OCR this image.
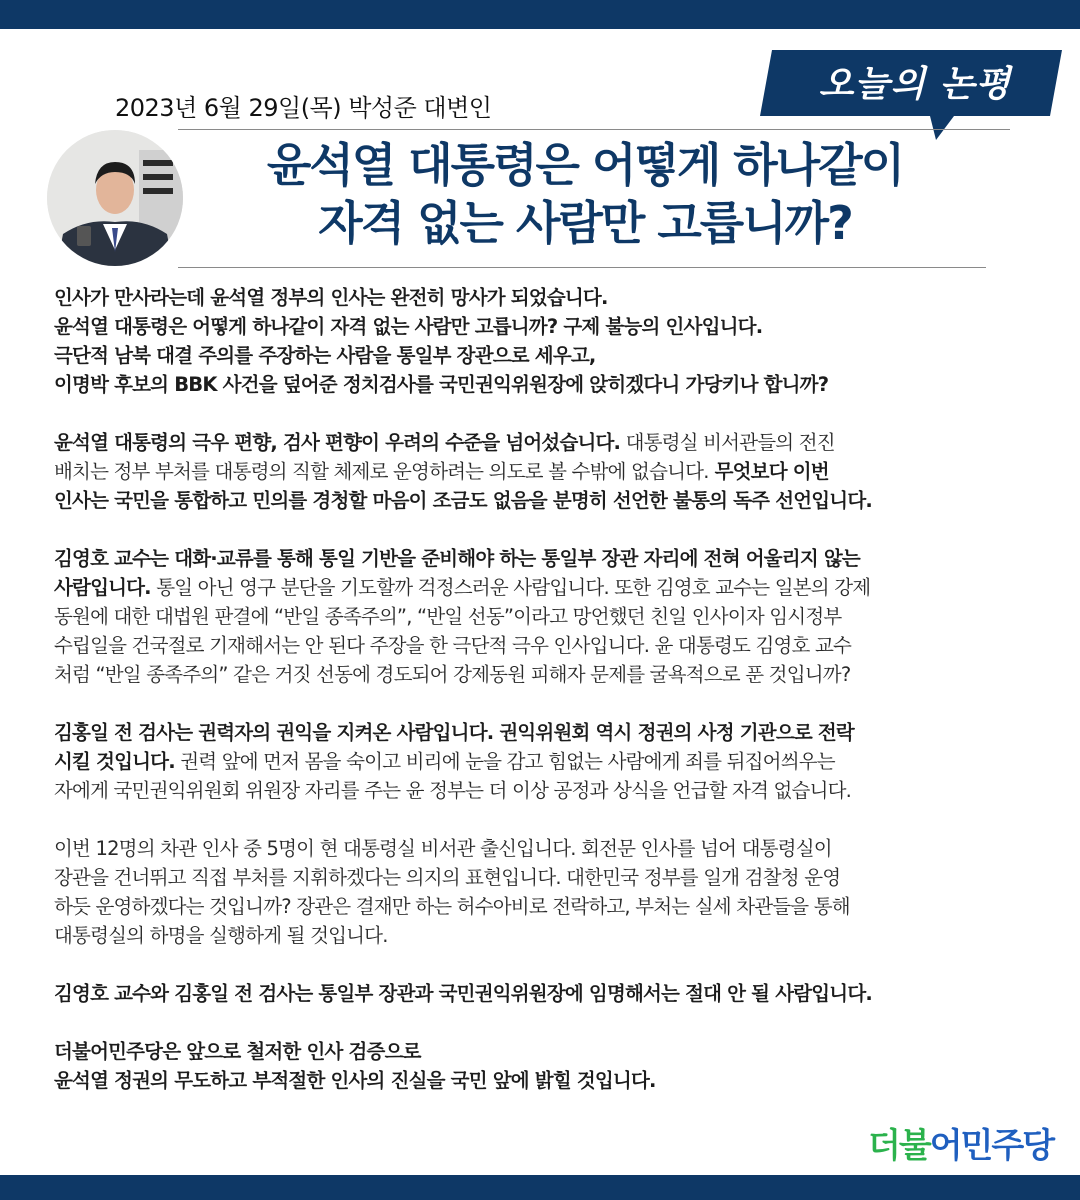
오늘의 논평
2023년 6월 29일(목) 박성준 대변인
윤석열 대통령은 어떻게 하나같이
자격 없는 사람만 고릅니까?

인사가 만사라는데 윤석열 정부의 인사는 완전히 망사가 되었습니다.
윤석열 대통령은 어떻게 하나같이 자격 없는 사람만 고릅니까? 구제 불능의 인사입니다.
극단적 남북 대결 주의를 주장하는 사람을 통일부 장관으로 세우고,
이명박 후보의 BBK 사건을 덮어준 정치검사를 국민권익위원장에 앉히겠다니 가당키나 합니까?

윤석열 대통령의 극우 편향, 검사 편향이 우려의 수준을 넘어섰습니다. 대통령실 비서관들의 전진
배치는 정부 부처를 대통령의 직할 체제로 운영하려는 의도로 볼 수밖에 없습니다. 무엇보다 이번
인사는 국민을 통합하고 민의를 경청할 마음이 조금도 없음을 분명히 선언한 불통의 독주 선언입니다.

김영호 교수는 대화·교류를 통해 통일 기반을 준비해야 하는 통일부 장관 자리에 전혀 어울리지 않는
사람입니다. 통일 아닌 영구 분단을 기도할까 걱정스러운 사람입니다. 또한 김영호 교수는 일본의 강제
동원에 대한 대법원 판결에 “반일 종족주의”, “반일 선동”이라고 망언했던 친일 인사이자 임시정부
수립일을 건국절로 기재해서는 안 된다 주장을 한 극단적 극우 인사입니다. 윤 대통령도 김영호 교수
처럼 “반일 종족주의” 같은 거짓 선동에 경도되어 강제동원 피해자 문제를 굴욕적으로 푼 것입니까?

김홍일 전 검사는 권력자의 권익을 지켜온 사람입니다. 권익위원회 역시 정권의 사정 기관으로 전락
시킬 것입니다. 권력 앞에 먼저 몸을 숙이고 비리에 눈을 감고 힘없는 사람에게 죄를 뒤집어씌우는
자에게 국민권익위원회 위원장 자리를 주는 윤 정부는 더 이상 공정과 상식을 언급할 자격 없습니다.

이번 12명의 차관 인사 중 5명이 현 대통령실 비서관 출신입니다. 회전문 인사를 넘어 대통령실이
장관을 건너뛰고 직접 부처를 지휘하겠다는 의지의 표현입니다. 대한민국 정부를 일개 검찰청 운영
하듯 운영하겠다는 것입니까? 장관은 결재만 하는 허수아비로 전락하고, 부처는 실세 차관들을 통해
대통령실의 하명을 실행하게 될 것입니다.

김영호 교수와 김홍일 전 검사는 통일부 장관과 국민권익위원장에 임명해서는 절대 안 될 사람입니다.

더불어민주당은 앞으로 철저한 인사 검증으로
윤석열 정권의 무도하고 부적절한 인사의 진실을 국민 앞에 밝힐 것입니다.

더불어민주당
